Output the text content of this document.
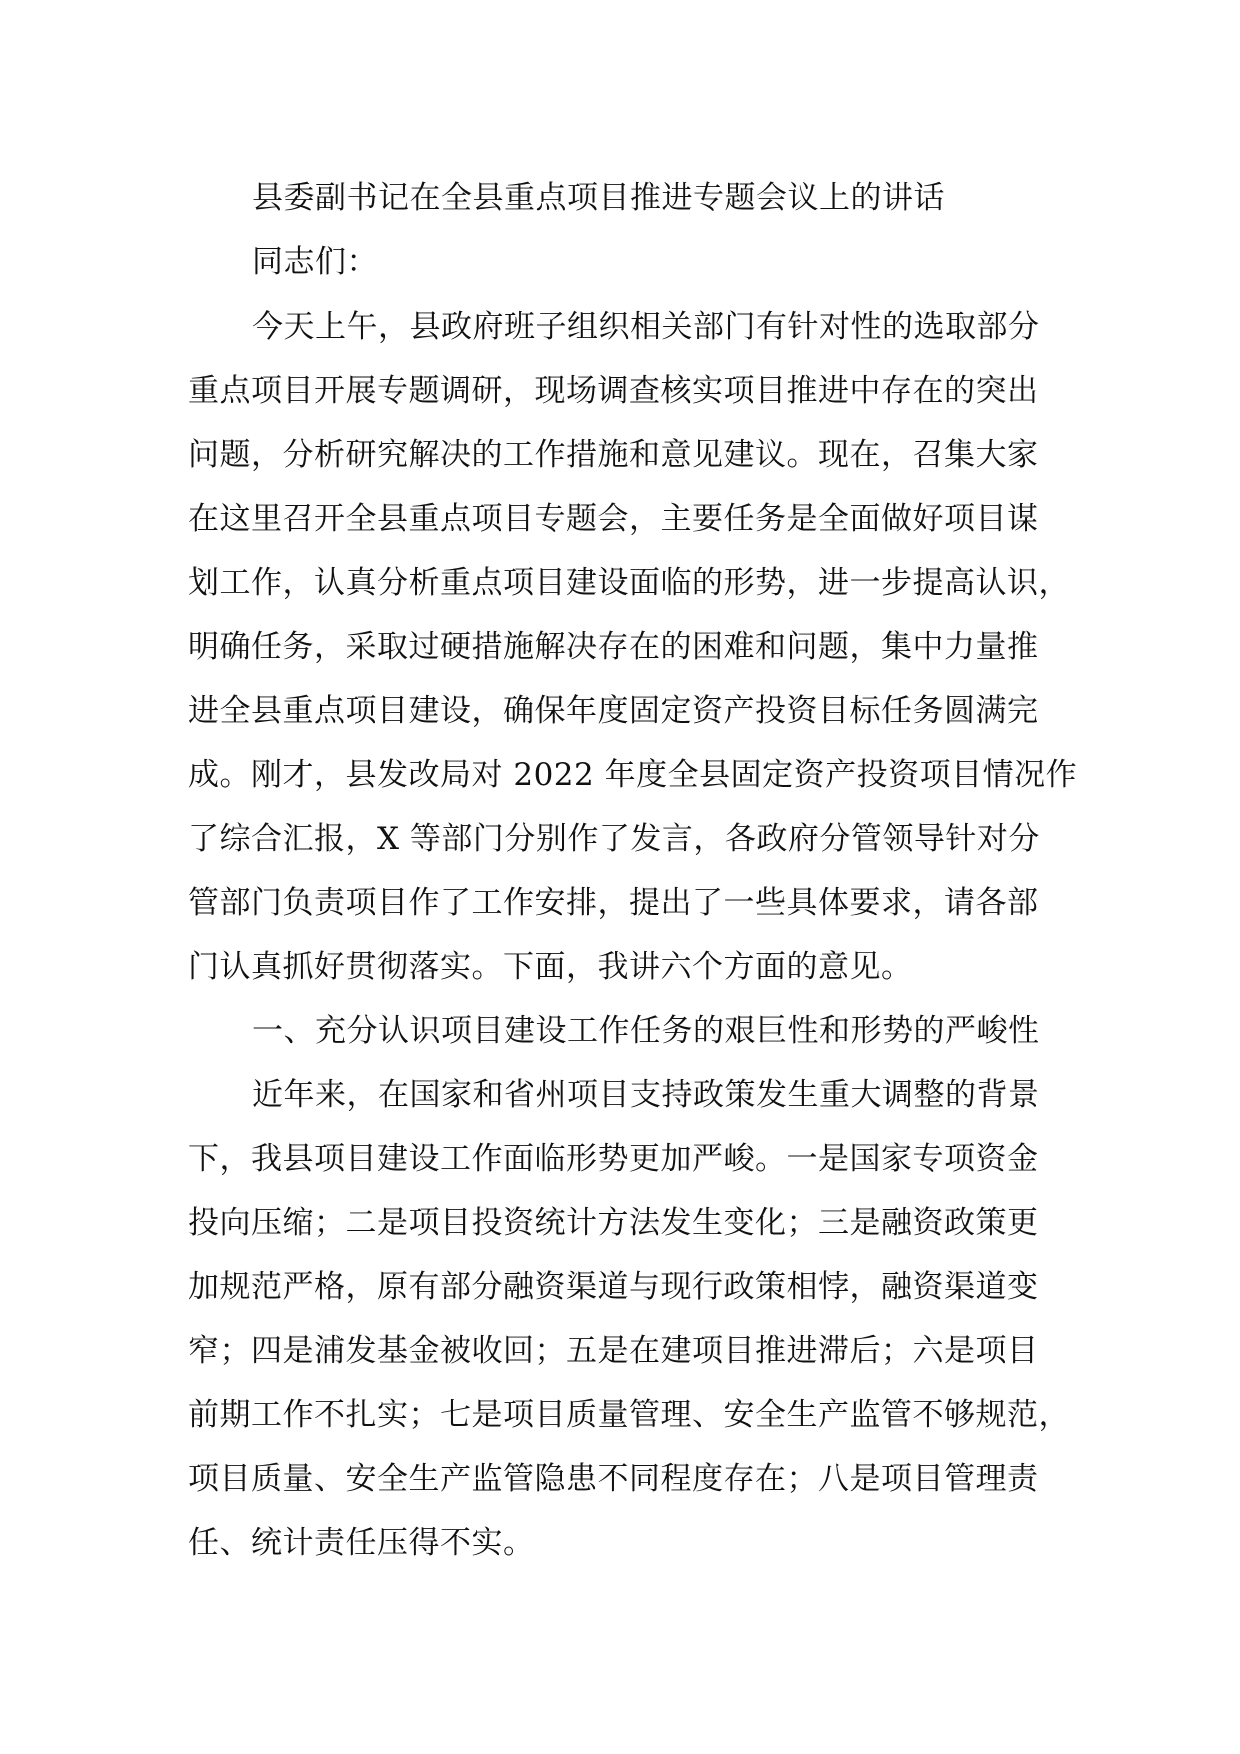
县委副书记在全县重点项目推进专题会议上的讲话
同志们：
今天上午，县政府班子组织相关部门有针对性的选取部分
重点项目开展专题调研，现场调查核实项目推进中存在的突出
问题，分析研究解决的工作措施和意见建议。现在，召集大家
在这里召开全县重点项目专题会，主要任务是全面做好项目谋
划工作，认真分析重点项目建设面临的形势，进一步提高认识，
明确任务，采取过硬措施解决存在的困难和问题，集中力量推
进全县重点项目建设，确保年度固定资产投资目标任务圆满完
成。刚才，县发改局对 2022 年度全县固定资产投资项目情况作
了综合汇报，X 等部门分别作了发言，各政府分管领导针对分
管部门负责项目作了工作安排，提出了一些具体要求，请各部
门认真抓好贯彻落实。下面，我讲六个方面的意见。
一、充分认识项目建设工作任务的艰巨性和形势的严峻性
近年来，在国家和省州项目支持政策发生重大调整的背景
下，我县项目建设工作面临形势更加严峻。一是国家专项资金
投向压缩；二是项目投资统计方法发生变化；三是融资政策更
加规范严格，原有部分融资渠道与现行政策相悖，融资渠道变
窄；四是浦发基金被收回；五是在建项目推进滞后；六是项目
前期工作不扎实；七是项目质量管理、安全生产监管不够规范，
项目质量、安全生产监管隐患不同程度存在；八是项目管理责
任、统计责任压得不实。
